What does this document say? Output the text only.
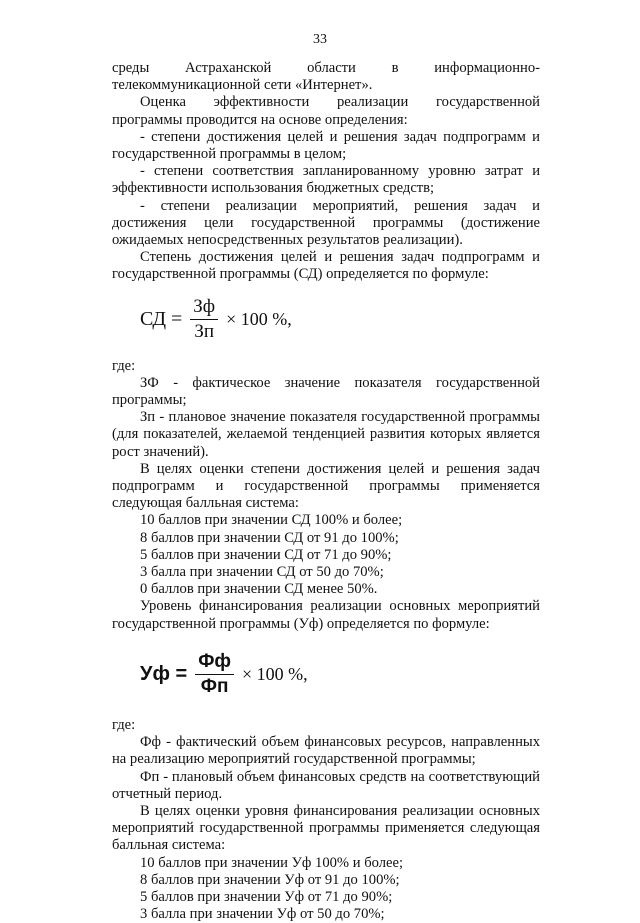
33

среды Астраханской области в информационно-телекоммуникационной сети «Интернет».

Оценка эффективности реализации государственной программы проводится на основе определения:

- степени достижения целей и решения задач подпрограмм и государственной программы в целом;

- степени соответствия запланированному уровню затрат и эффективности использования бюджетных средств;

- степени реализации мероприятий, решения задач и достижения цели государственной программы (достижение ожидаемых непосредственных результатов реализации).

Степень достижения целей и решения задач подпрограмм и государственной программы (СД) определяется по формуле:

СД = $\frac{Зф}{Зп} \times 100$ %,

где:

ЗФ - фактическое значение показателя государственной программы;

Зп - плановое значение показателя государственной программы (для показателей, желаемой тенденцией развития которых является рост значений).

В целях оценки степени достижения целей и решения задач подпрограмм и государственной программы применяется следующая балльная система:

10 баллов при значении СД 100% и более;

8 баллов при значении СД от 91 до 100%;

5 баллов при значении СД от 71 до 90%;

3 балла при значении СД от 50 до 70%;

0 баллов при значении СД менее 50%.

Уровень финансирования реализации основных мероприятий государственной программы (Уф) определяется по формуле:

Уф = $\frac{Фф}{Фп} \times 100$ %,

где:

Фф - фактический объем финансовых ресурсов, направленных на реализацию мероприятий государственной программы;

Фп - плановый объем финансовых средств на соответствующий отчетный период.

В целях оценки уровня финансирования реализации основных мероприятий государственной программы применяется следующая балльная система:

10 баллов при значении Уф 100% и более;

8 баллов при значении Уф от 91 до 100%;

5 баллов при значении Уф от 71 до 90%;

3 балла при значении Уф от 50 до 70%;
